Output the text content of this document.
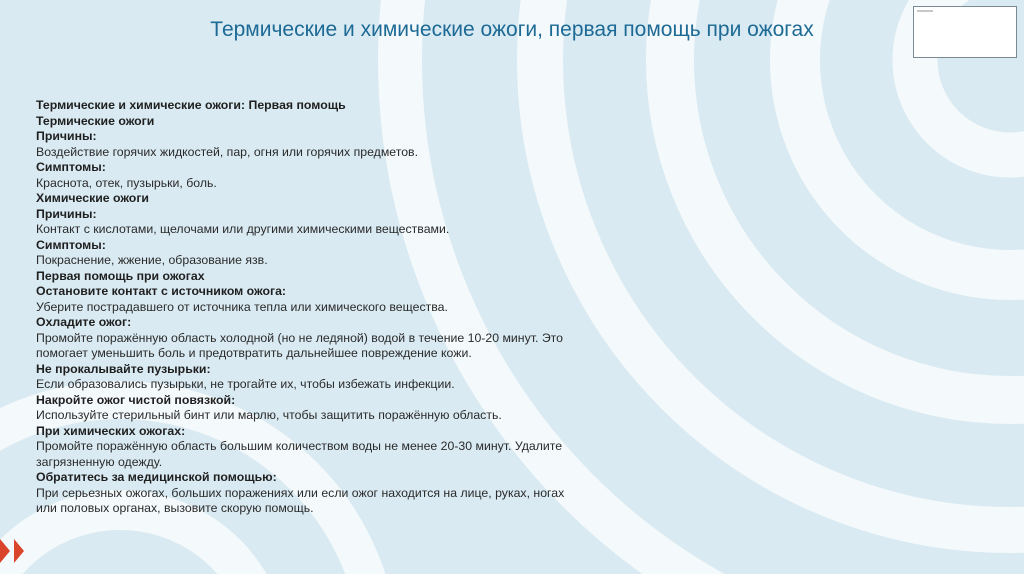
Термические и химические ожоги, первая помощь при ожогах

Термические и химические ожоги: Первая помощь

Термические ожоги

Причины:

Воздействие горячих жидкостей, пар, огня или горячих предметов.

Симптомы:

Краснота, отек, пузырьки, боль.

Химические ожоги

Причины:

Контакт с кислотами, щелочами или другими химическими веществами.

Симптомы:

Покраснение, жжение, образование язв.

Первая помощь при ожогах

Остановите контакт с источником ожога:

Уберите пострадавшего от источника тепла или химического вещества.

Охладите ожог:

Промойте поражённую область холодной (но не ледяной) водой в течение 10-20 минут. Это помогает уменьшить боль и предотвратить дальнейшее повреждение кожи.

Не прокалывайте пузырьки:

Если образовались пузырьки, не трогайте их, чтобы избежать инфекции.

Накройте ожог чистой повязкой:

Используйте стерильный бинт или марлю, чтобы защитить поражённую область.

При химических ожогах:

Промойте поражённую область большим количеством воды не менее 20-30 минут. Удалите загрязненную одежду.

Обратитесь за медицинской помощью:

При серьезных ожогах, больших поражениях или если ожог находится на лице, руках, ногах или половых органах, вызовите скорую помощь.
